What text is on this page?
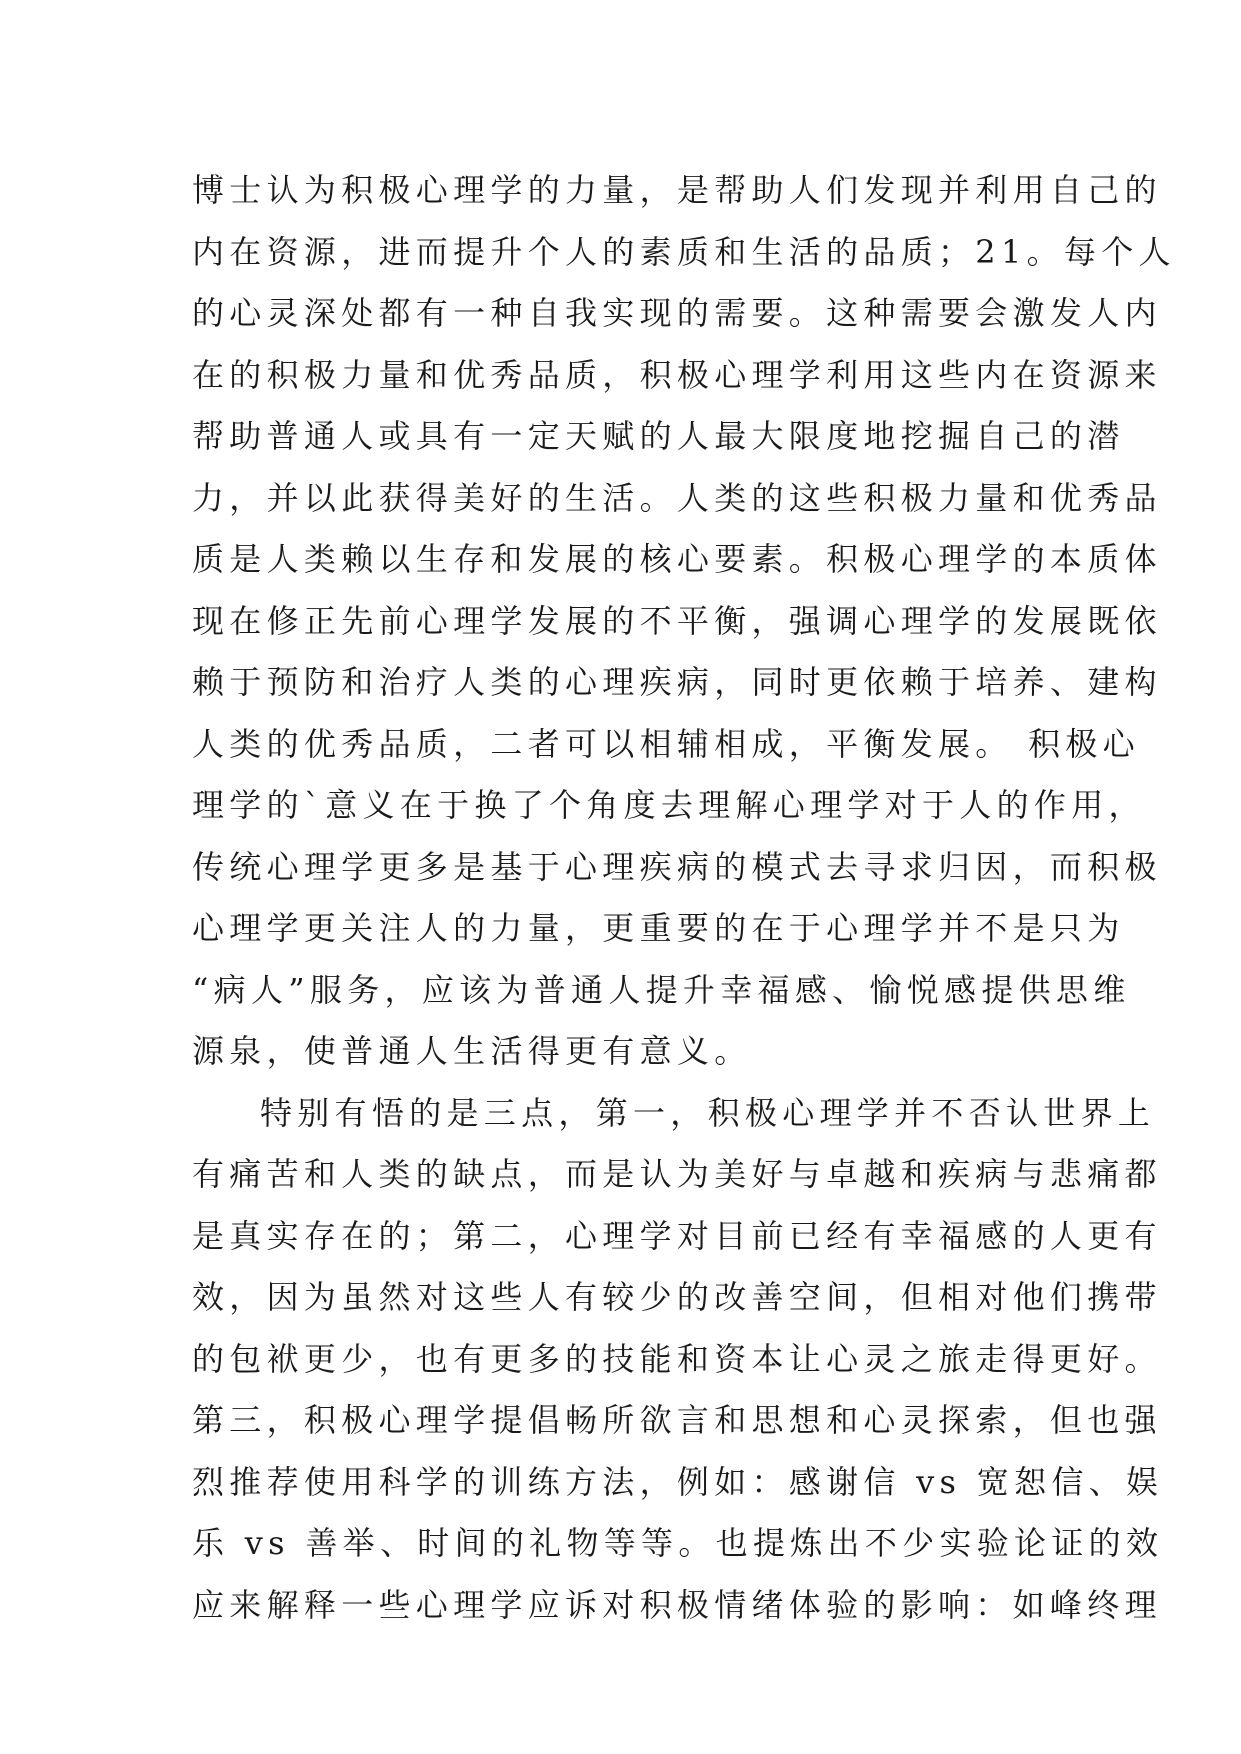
博士认为积极心理学的力量，是帮助人们发现并利用自己的
内在资源，进而提升个人的素质和生活的品质；21。每个人
的心灵深处都有一种自我实现的需要。这种需要会激发人内
在的积极力量和优秀品质，积极心理学利用这些内在资源来
帮助普通人或具有一定天赋的人最大限度地挖掘自己的潜
力，并以此获得美好的生活。人类的这些积极力量和优秀品
质是人类赖以生存和发展的核心要素。积极心理学的本质体
现在修正先前心理学发展的不平衡，强调心理学的发展既依
赖于预防和治疗人类的心理疾病，同时更依赖于培养、建构
人类的优秀品质，二者可以相辅相成，平衡发展。 积极心
理学的`意义在于换了个角度去理解心理学对于人的作用，
传统心理学更多是基于心理疾病的模式去寻求归因，而积极
心理学更关注人的力量，更重要的在于心理学并不是只为
“病人”服务，应该为普通人提升幸福感、愉悦感提供思维
源泉，使普通人生活得更有意义。
特别有悟的是三点，第一，积极心理学并不否认世界上
有痛苦和人类的缺点，而是认为美好与卓越和疾病与悲痛都
是真实存在的；第二，心理学对目前已经有幸福感的人更有
效，因为虽然对这些人有较少的改善空间，但相对他们携带
的包袱更少，也有更多的技能和资本让心灵之旅走得更好。
第三，积极心理学提倡畅所欲言和思想和心灵探索，但也强
烈推荐使用科学的训练方法，例如：感谢信 vs 宽恕信、娱
乐 vs 善举、时间的礼物等等。也提炼出不少实验论证的效
应来解释一些心理学应诉对积极情绪体验的影响：如峰终理
